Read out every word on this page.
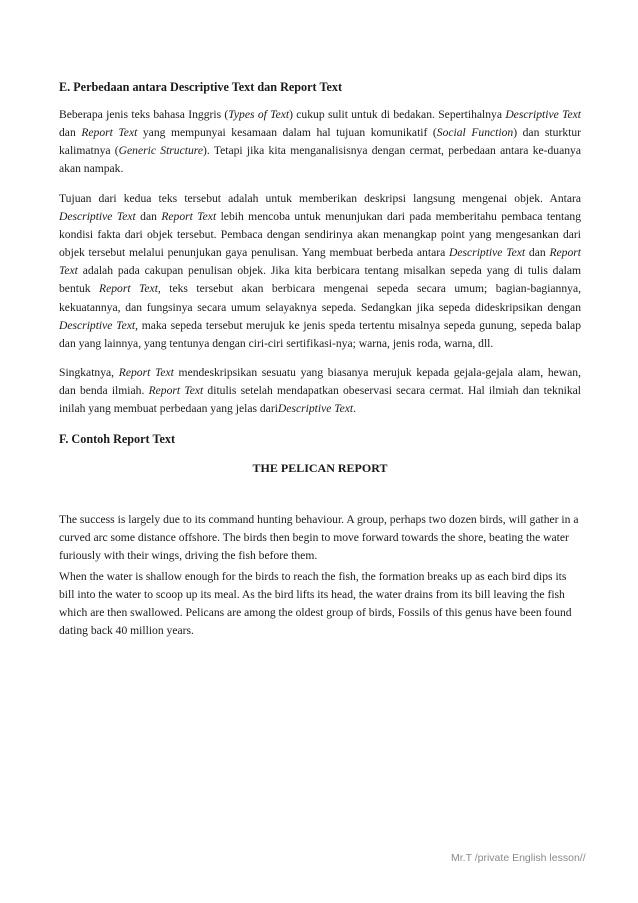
E. Perbedaan antara Descriptive Text dan Report Text

Beberapa jenis teks bahasa Inggris (Types of Text) cukup sulit untuk di bedakan. Sepertihalnya Descriptive Text dan Report Text yang mempunyai kesamaan dalam hal tujuan komunikatif (Social Function) dan sturktur kalimatnya (Generic Structure). Tetapi jika kita menganalisisnya dengan cermat, perbedaan antara ke-duanya akan nampak.

Tujuan dari kedua teks tersebut adalah untuk memberikan deskripsi langsung mengenai objek. Antara Descriptive Text dan Report Text lebih mencoba untuk menunjukan dari pada memberitahu pembaca tentang kondisi fakta dari objek tersebut. Pembaca dengan sendirinya akan menangkap point yang mengesankan dari objek tersebut melalui penunjukan gaya penulisan. Yang membuat berbeda antara Descriptive Text dan Report Text adalah pada cakupan penulisan objek. Jika kita berbicara tentang misalkan sepeda yang di tulis dalam bentuk Report Text, teks tersebut akan berbicara mengenai sepeda secara umum; bagian-bagiannya, kekuatannya, dan fungsinya secara umum selayaknya sepeda. Sedangkan jika sepeda dideskripsikan dengan Descriptive Text, maka sepeda tersebut merujuk ke jenis speda tertentu misalnya sepeda gunung, sepeda balap dan yang lainnya, yang tentunya dengan ciri-ciri sertifikasi-nya; warna, jenis roda, warna, dll.

Singkatnya, Report Text mendeskripsikan sesuatu yang biasanya merujuk kepada gejala-gejala alam, hewan, dan benda ilmiah. Report Text ditulis setelah mendapatkan obeservasi secara cermat. Hal ilmiah dan teknikal inilah yang membuat perbedaan yang jelas dariDescriptive Text.

F. Contoh Report Text
THE PELICAN REPORT
The success is largely due to its command hunting behaviour. A group, perhaps two dozen birds, will gather in a curved arc some distance offshore. The birds then begin to move forward towards the shore, beating the water furiously with their wings, driving the fish before them.
When the water is shallow enough for the birds to reach the fish, the formation breaks up as each bird dips its bill into the water to scoop up its meal. As the bird lifts its head, the water drains from its bill leaving the fish which are then swallowed. Pelicans are among the oldest group of birds, Fossils of this genus have been found dating back 40 million years.
Mr.T /private English lesson//
